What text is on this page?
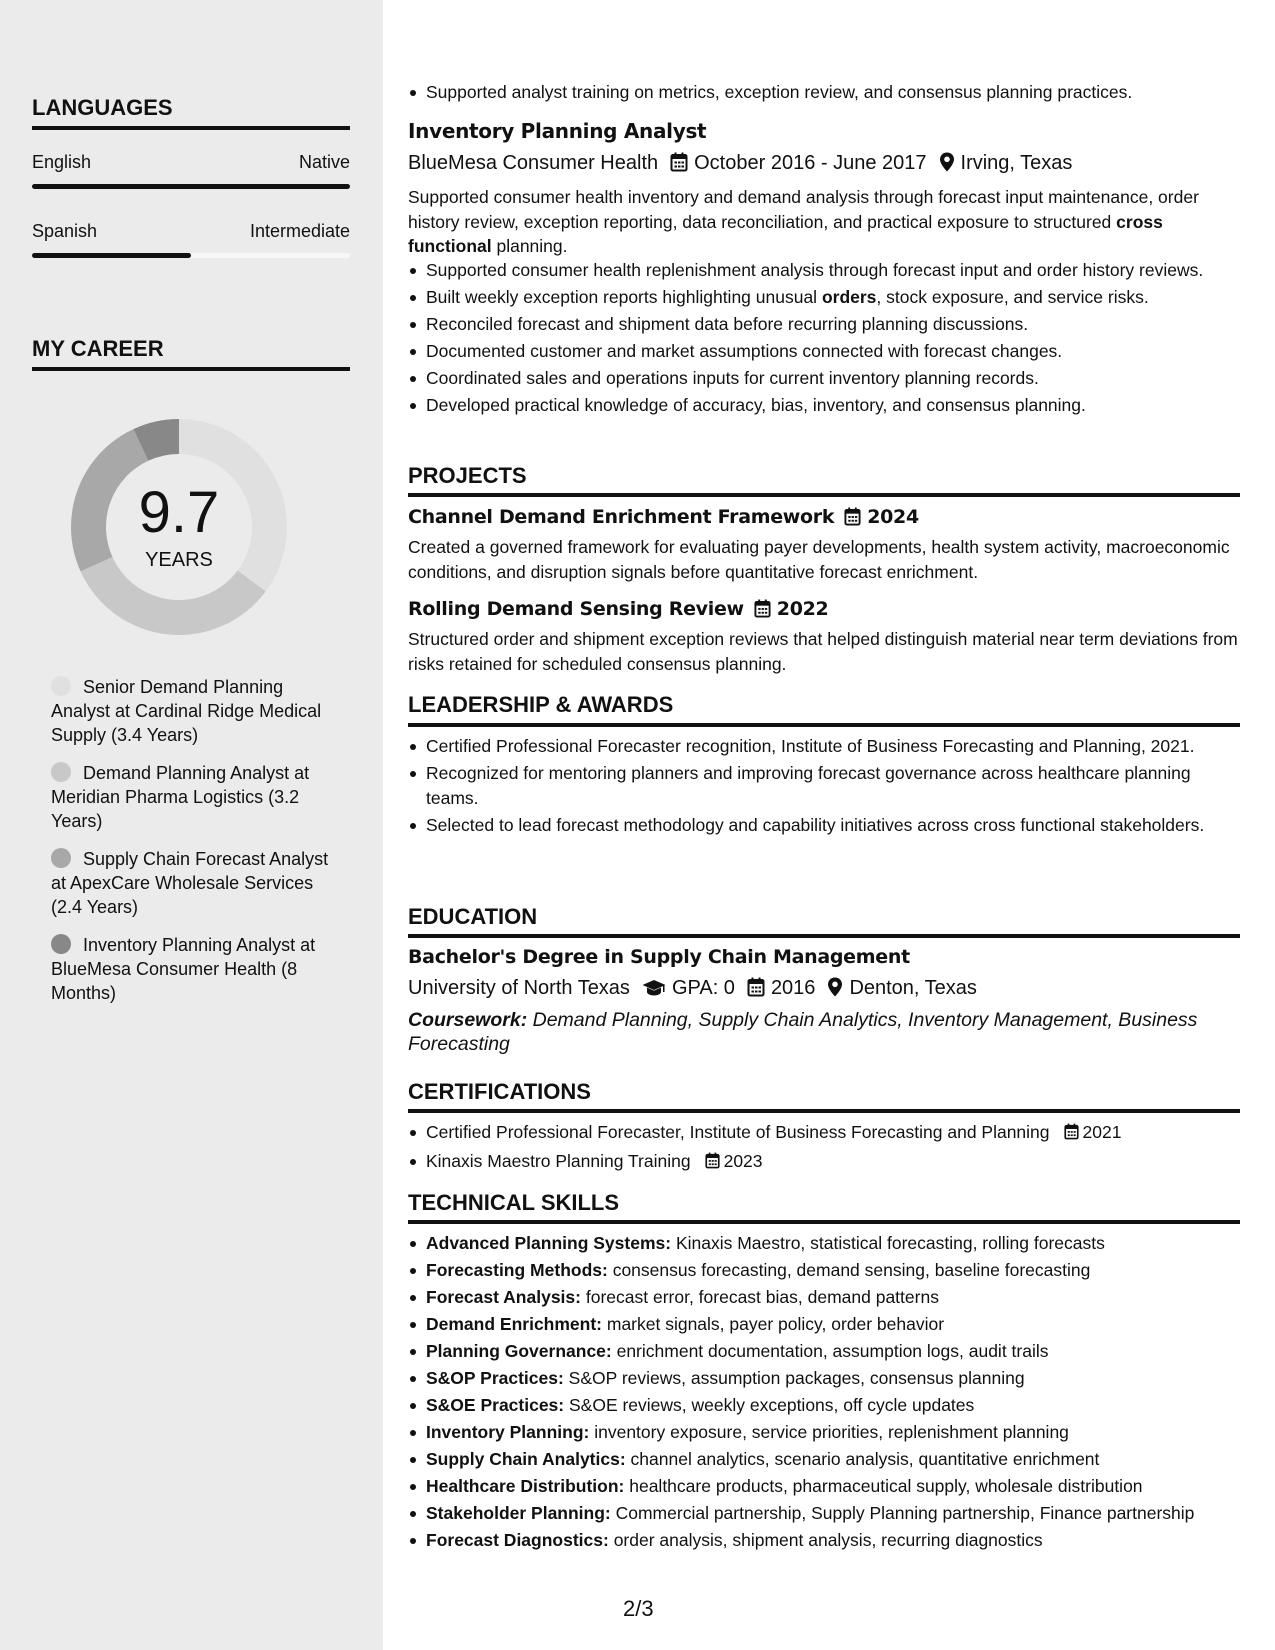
LANGUAGES
English	Native
Spanish	Intermediate
MY CAREER
9.7
YEARS
Senior Demand Planning Analyst at Cardinal Ridge Medical Supply (3.4 Years)
Demand Planning Analyst at Meridian Pharma Logistics (3.2 Years)
Supply Chain Forecast Analyst at ApexCare Wholesale Services (2.4 Years)
Inventory Planning Analyst at BlueMesa Consumer Health (8 Months)
Supported analyst training on metrics, exception review, and consensus planning practices.
Inventory Planning Analyst
BlueMesa Consumer Health October 2016 - June 2017 Irving, Texas
Supported consumer health inventory and demand analysis through forecast input maintenance, order history review, exception reporting, data reconciliation, and practical exposure to structured cross functional planning.
Supported consumer health replenishment analysis through forecast input and order history reviews.
Built weekly exception reports highlighting unusual orders, stock exposure, and service risks.
Reconciled forecast and shipment data before recurring planning discussions.
Documented customer and market assumptions connected with forecast changes.
Coordinated sales and operations inputs for current inventory planning records.
Developed practical knowledge of accuracy, bias, inventory, and consensus planning.
PROJECTS
Channel Demand Enrichment Framework 2024
Created a governed framework for evaluating payer developments, health system activity, macroeconomic conditions, and disruption signals before quantitative forecast enrichment.
Rolling Demand Sensing Review 2022
Structured order and shipment exception reviews that helped distinguish material near term deviations from risks retained for scheduled consensus planning.
LEADERSHIP & AWARDS
Certified Professional Forecaster recognition, Institute of Business Forecasting and Planning, 2021.
Recognized for mentoring planners and improving forecast governance across healthcare planning teams.
Selected to lead forecast methodology and capability initiatives across cross functional stakeholders.
EDUCATION
Bachelor's Degree in Supply Chain Management
University of North Texas GPA: 0 2016 Denton, Texas
Coursework: Demand Planning, Supply Chain Analytics, Inventory Management, Business Forecasting
CERTIFICATIONS
Certified Professional Forecaster, Institute of Business Forecasting and Planning 2021
Kinaxis Maestro Planning Training 2023
TECHNICAL SKILLS
Advanced Planning Systems: Kinaxis Maestro, statistical forecasting, rolling forecasts
Forecasting Methods: consensus forecasting, demand sensing, baseline forecasting
Forecast Analysis: forecast error, forecast bias, demand patterns
Demand Enrichment: market signals, payer policy, order behavior
Planning Governance: enrichment documentation, assumption logs, audit trails
S&OP Practices: S&OP reviews, assumption packages, consensus planning
S&OE Practices: S&OE reviews, weekly exceptions, off cycle updates
Inventory Planning: inventory exposure, service priorities, replenishment planning
Supply Chain Analytics: channel analytics, scenario analysis, quantitative enrichment
Healthcare Distribution: healthcare products, pharmaceutical supply, wholesale distribution
Stakeholder Planning: Commercial partnership, Supply Planning partnership, Finance partnership
Forecast Diagnostics: order analysis, shipment analysis, recurring diagnostics
2/3
